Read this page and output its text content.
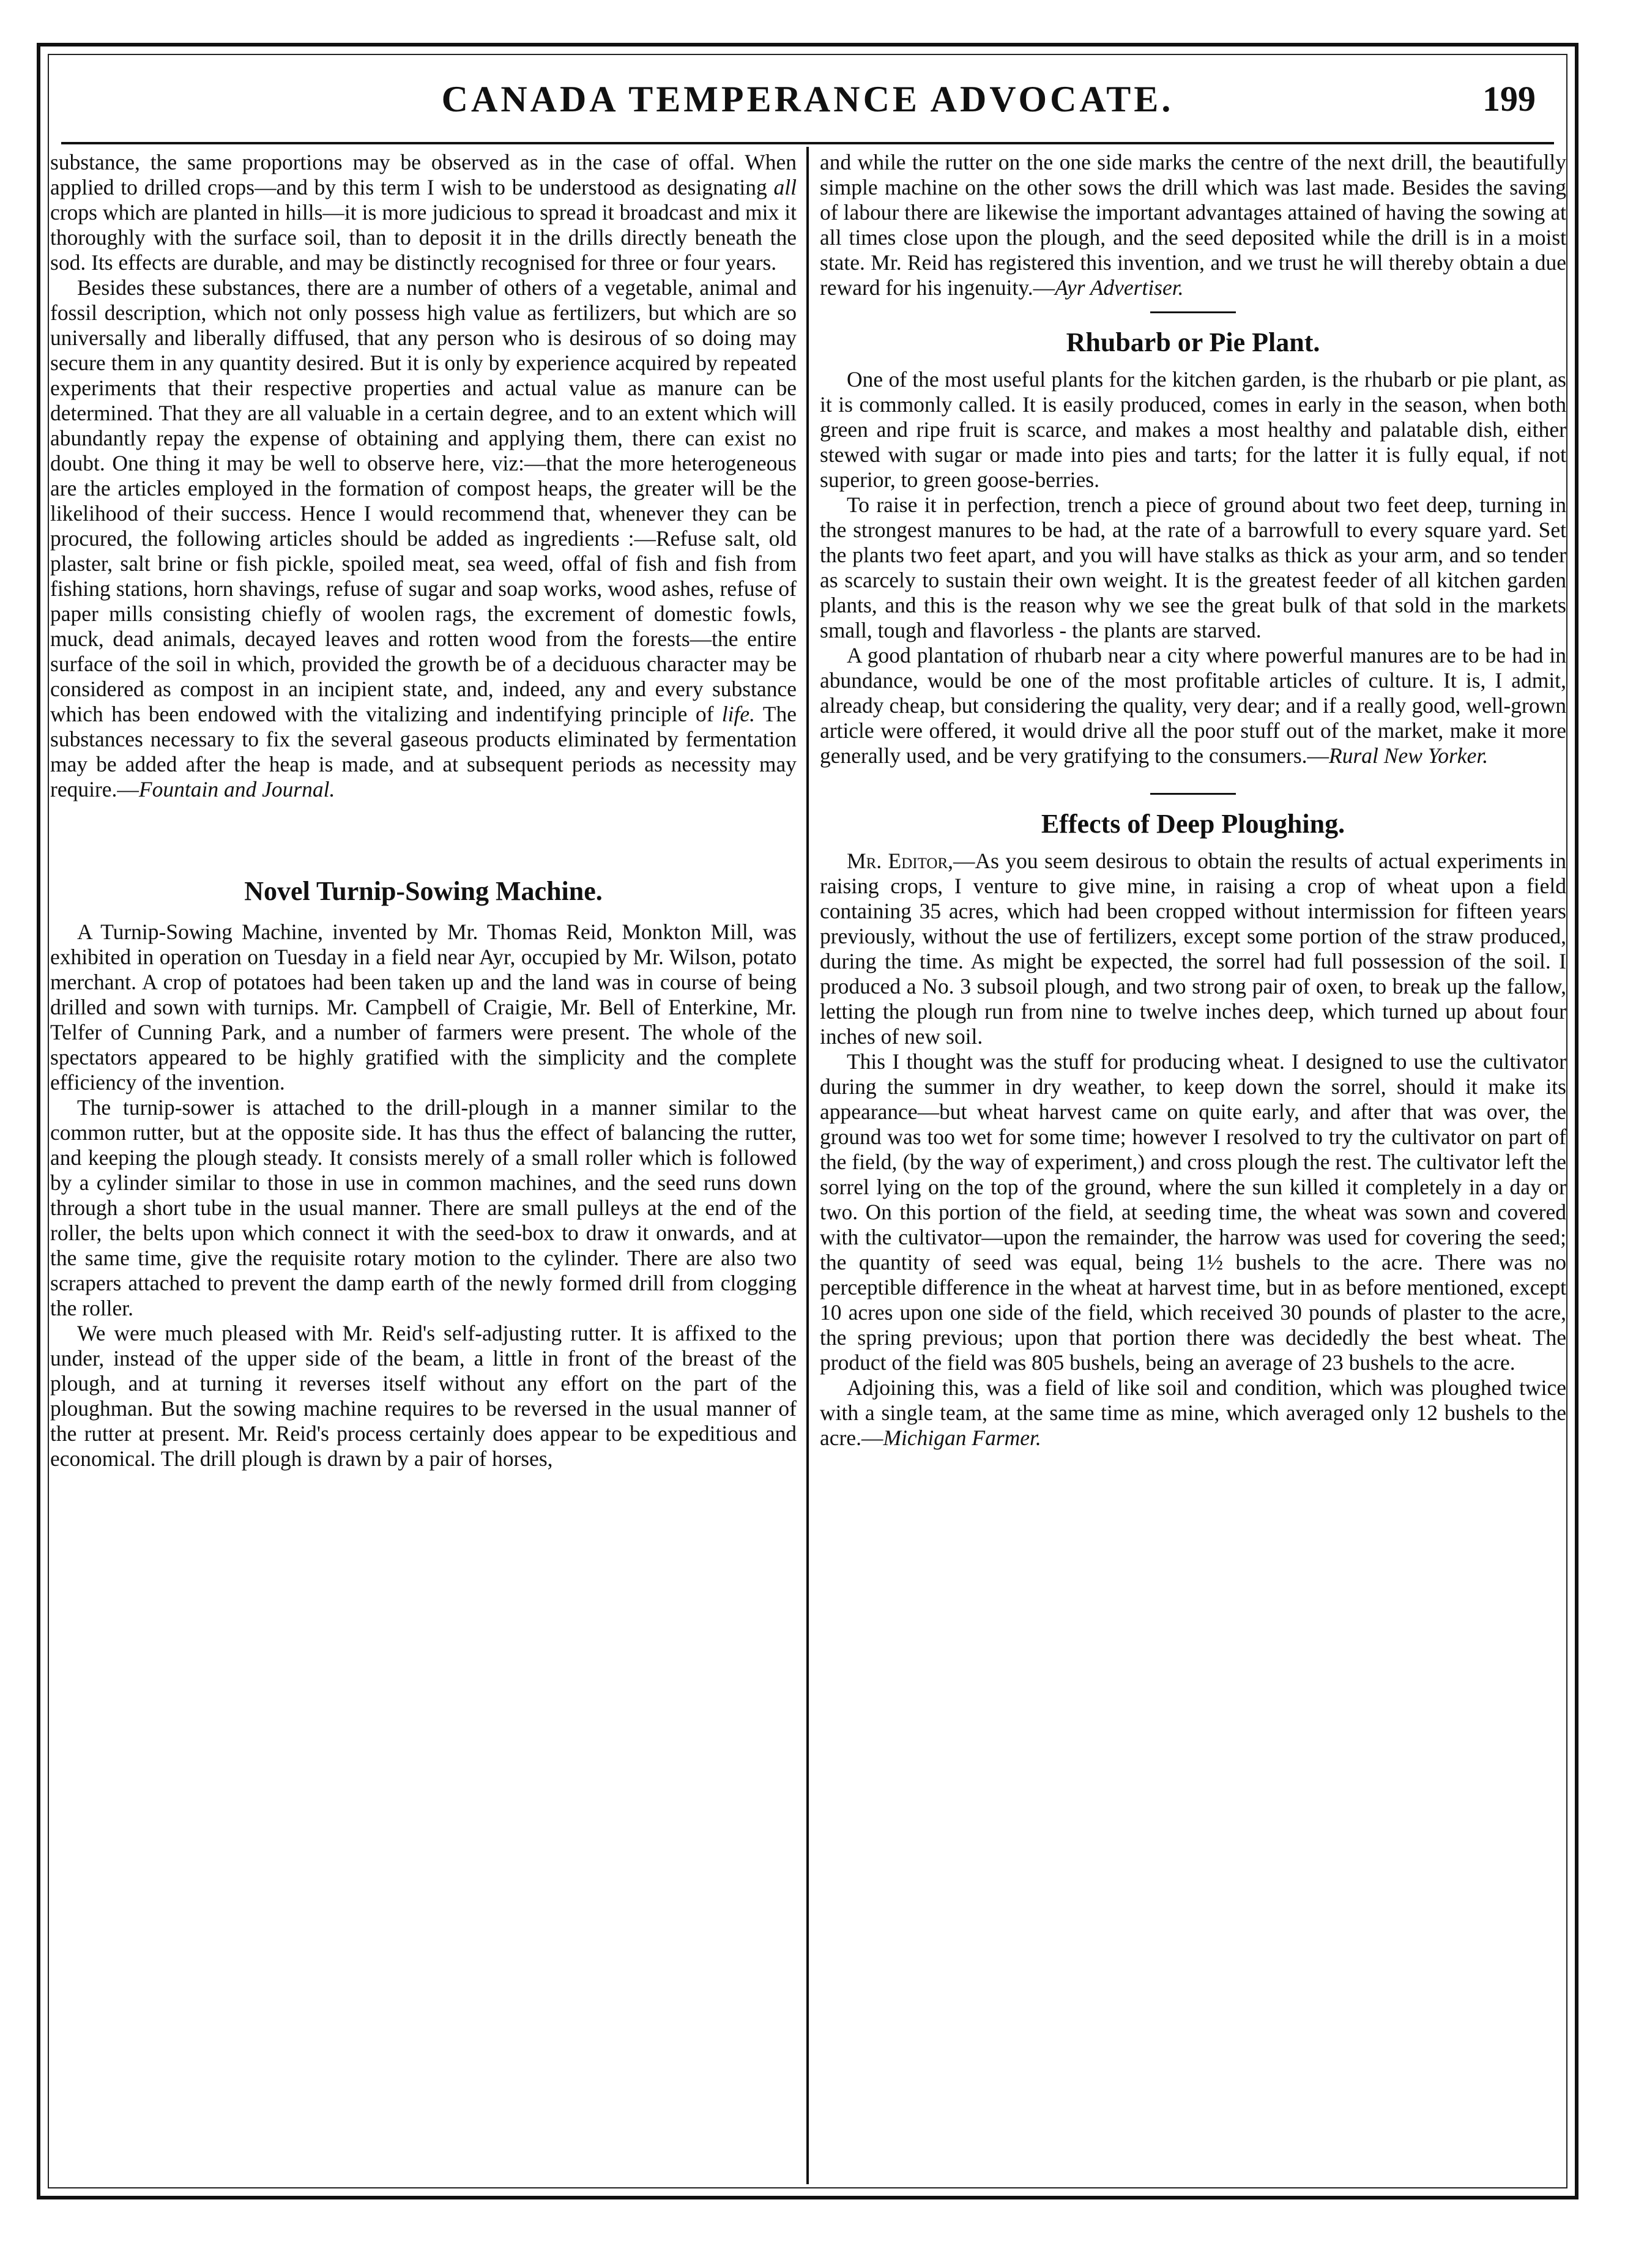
CANADA TEMPERANCE ADVOCATE.	199

substance, the same proportions may be observed as in the case of offal. When applied to drilled crops—and by this term I wish to be understood as designating all crops which are planted in hills—it is more judicious to spread it broadcast and mix it thoroughly with the surface soil, than to deposit it in the drills directly beneath the sod. Its effects are durable, and may be distinctly recognised for three or four years.

Besides these substances, there are a number of others of a vegetable, animal and fossil description, which not only possess high value as fertilizers, but which are so universally and liberally diffused, that any person who is desirous of so doing may secure them in any quantity desired. But it is only by experience acquired by repeated experiments that their respective properties and actual value as manure can be determined. That they are all valuable in a certain degree, and to an extent which will abundantly repay the expense of obtaining and applying them, there can exist no doubt. One thing it may be well to observe here, viz:—that the more heterogeneous are the articles employed in the formation of compost heaps, the greater will be the likelihood of their success. Hence I would recommend that, whenever they can be procured, the following articles should be added as ingredients :—Refuse salt, old plaster, salt brine or fish pickle, spoiled meat, sea weed, offal of fish and fish from fishing stations, horn shavings, refuse of sugar and soap works, wood ashes, refuse of paper mills consisting chiefly of woolen rags, the excrement of domestic fowls, muck, dead animals, decayed leaves and rotten wood from the forests—the entire surface of the soil in which, provided the growth be of a deciduous character may be considered as compost in an incipient state, and, indeed, any and every substance which has been endowed with the vitalizing and indentifying principle of life. The substances necessary to fix the several gaseous products eliminated by fermentation may be added after the heap is made, and at subsequent periods as necessity may require.—Fountain and Journal.

Novel Turnip-Sowing Machine.

A Turnip-Sowing Machine, invented by Mr. Thomas Reid, Monkton Mill, was exhibited in operation on Tuesday in a field near Ayr, occupied by Mr. Wilson, potato merchant. A crop of potatoes had been taken up and the land was in course of being drilled and sown with turnips. Mr. Campbell of Craigie, Mr. Bell of Enterkine, Mr. Telfer of Cunning Park, and a number of farmers were present. The whole of the spectators appeared to be highly gratified with the simplicity and the complete efficiency of the invention.

The turnip-sower is attached to the drill-plough in a manner similar to the common rutter, but at the opposite side. It has thus the effect of balancing the rutter, and keeping the plough steady. It consists merely of a small roller which is followed by a cylinder similar to those in use in common machines, and the seed runs down through a short tube in the usual manner. There are small pulleys at the end of the roller, the belts upon which connect it with the seed-box to draw it onwards, and at the same time, give the requisite rotary motion to the cylinder. There are also two scrapers attached to prevent the damp earth of the newly formed drill from clogging the roller.

We were much pleased with Mr. Reid's self-adjusting rutter. It is affixed to the under, instead of the upper side of the beam, a little in front of the breast of the plough, and at turning it reverses itself without any effort on the part of the ploughman. But the sowing machine requires to be reversed in the usual manner of the rutter at present. Mr. Reid's process certainly does appear to be expeditious and economical. The drill plough is drawn by a pair of horses,

and while the rutter on the one side marks the centre of the next drill, the beautifully simple machine on the other sows the drill which was last made. Besides the saving of labour there are likewise the important advantages attained of having the sowing at all times close upon the plough, and the seed deposited while the drill is in a moist state. Mr. Reid has registered this invention, and we trust he will thereby obtain a due reward for his ingenuity.—Ayr Advertiser.

Rhubarb or Pie Plant.

One of the most useful plants for the kitchen garden, is the rhubarb or pie plant, as it is commonly called. It is easily produced, comes in early in the season, when both green and ripe fruit is scarce, and makes a most healthy and palatable dish, either stewed with sugar or made into pies and tarts; for the latter it is fully equal, if not superior, to green goose-berries.

To raise it in perfection, trench a piece of ground about two feet deep, turning in the strongest manures to be had, at the rate of a barrowfull to every square yard. Set the plants two feet apart, and you will have stalks as thick as your arm, and so tender as scarcely to sustain their own weight. It is the greatest feeder of all kitchen garden plants, and this is the reason why we see the great bulk of that sold in the markets small, tough and flavorless - the plants are starved.

A good plantation of rhubarb near a city where powerful manures are to be had in abundance, would be one of the most profitable articles of culture. It is, I admit, already cheap, but considering the quality, very dear; and if a really good, well-grown article were offered, it would drive all the poor stuff out of the market, make it more generally used, and be very gratifying to the consumers.—Rural New Yorker.

Effects of Deep Ploughing.

Mr. Editor,—As you seem desirous to obtain the results of actual experiments in raising crops, I venture to give mine, in raising a crop of wheat upon a field containing 35 acres, which had been cropped without intermission for fifteen years previously, without the use of fertilizers, except some portion of the straw produced, during the time. As might be expected, the sorrel had full possession of the soil. I produced a No. 3 subsoil plough, and two strong pair of oxen, to break up the fallow, letting the plough run from nine to twelve inches deep, which turned up about four inches of new soil.

This I thought was the stuff for producing wheat. I designed to use the cultivator during the summer in dry weather, to keep down the sorrel, should it make its appearance—but wheat harvest came on quite early, and after that was over, the ground was too wet for some time; however I resolved to try the cultivator on part of the field, (by the way of experiment,) and cross plough the rest. The cultivator left the sorrel lying on the top of the ground, where the sun killed it completely in a day or two. On this portion of the field, at seeding time, the wheat was sown and covered with the cultivator—upon the remainder, the harrow was used for covering the seed; the quantity of seed was equal, being 1½ bushels to the acre. There was no perceptible difference in the wheat at harvest time, but in as before mentioned, except 10 acres upon one side of the field, which received 30 pounds of plaster to the acre, the spring previous; upon that portion there was decidedly the best wheat. The product of the field was 805 bushels, being an average of 23 bushels to the acre.

Adjoining this, was a field of like soil and condition, which was ploughed twice with a single team, at the same time as mine, which averaged only 12 bushels to the acre.—Michigan Farmer.
